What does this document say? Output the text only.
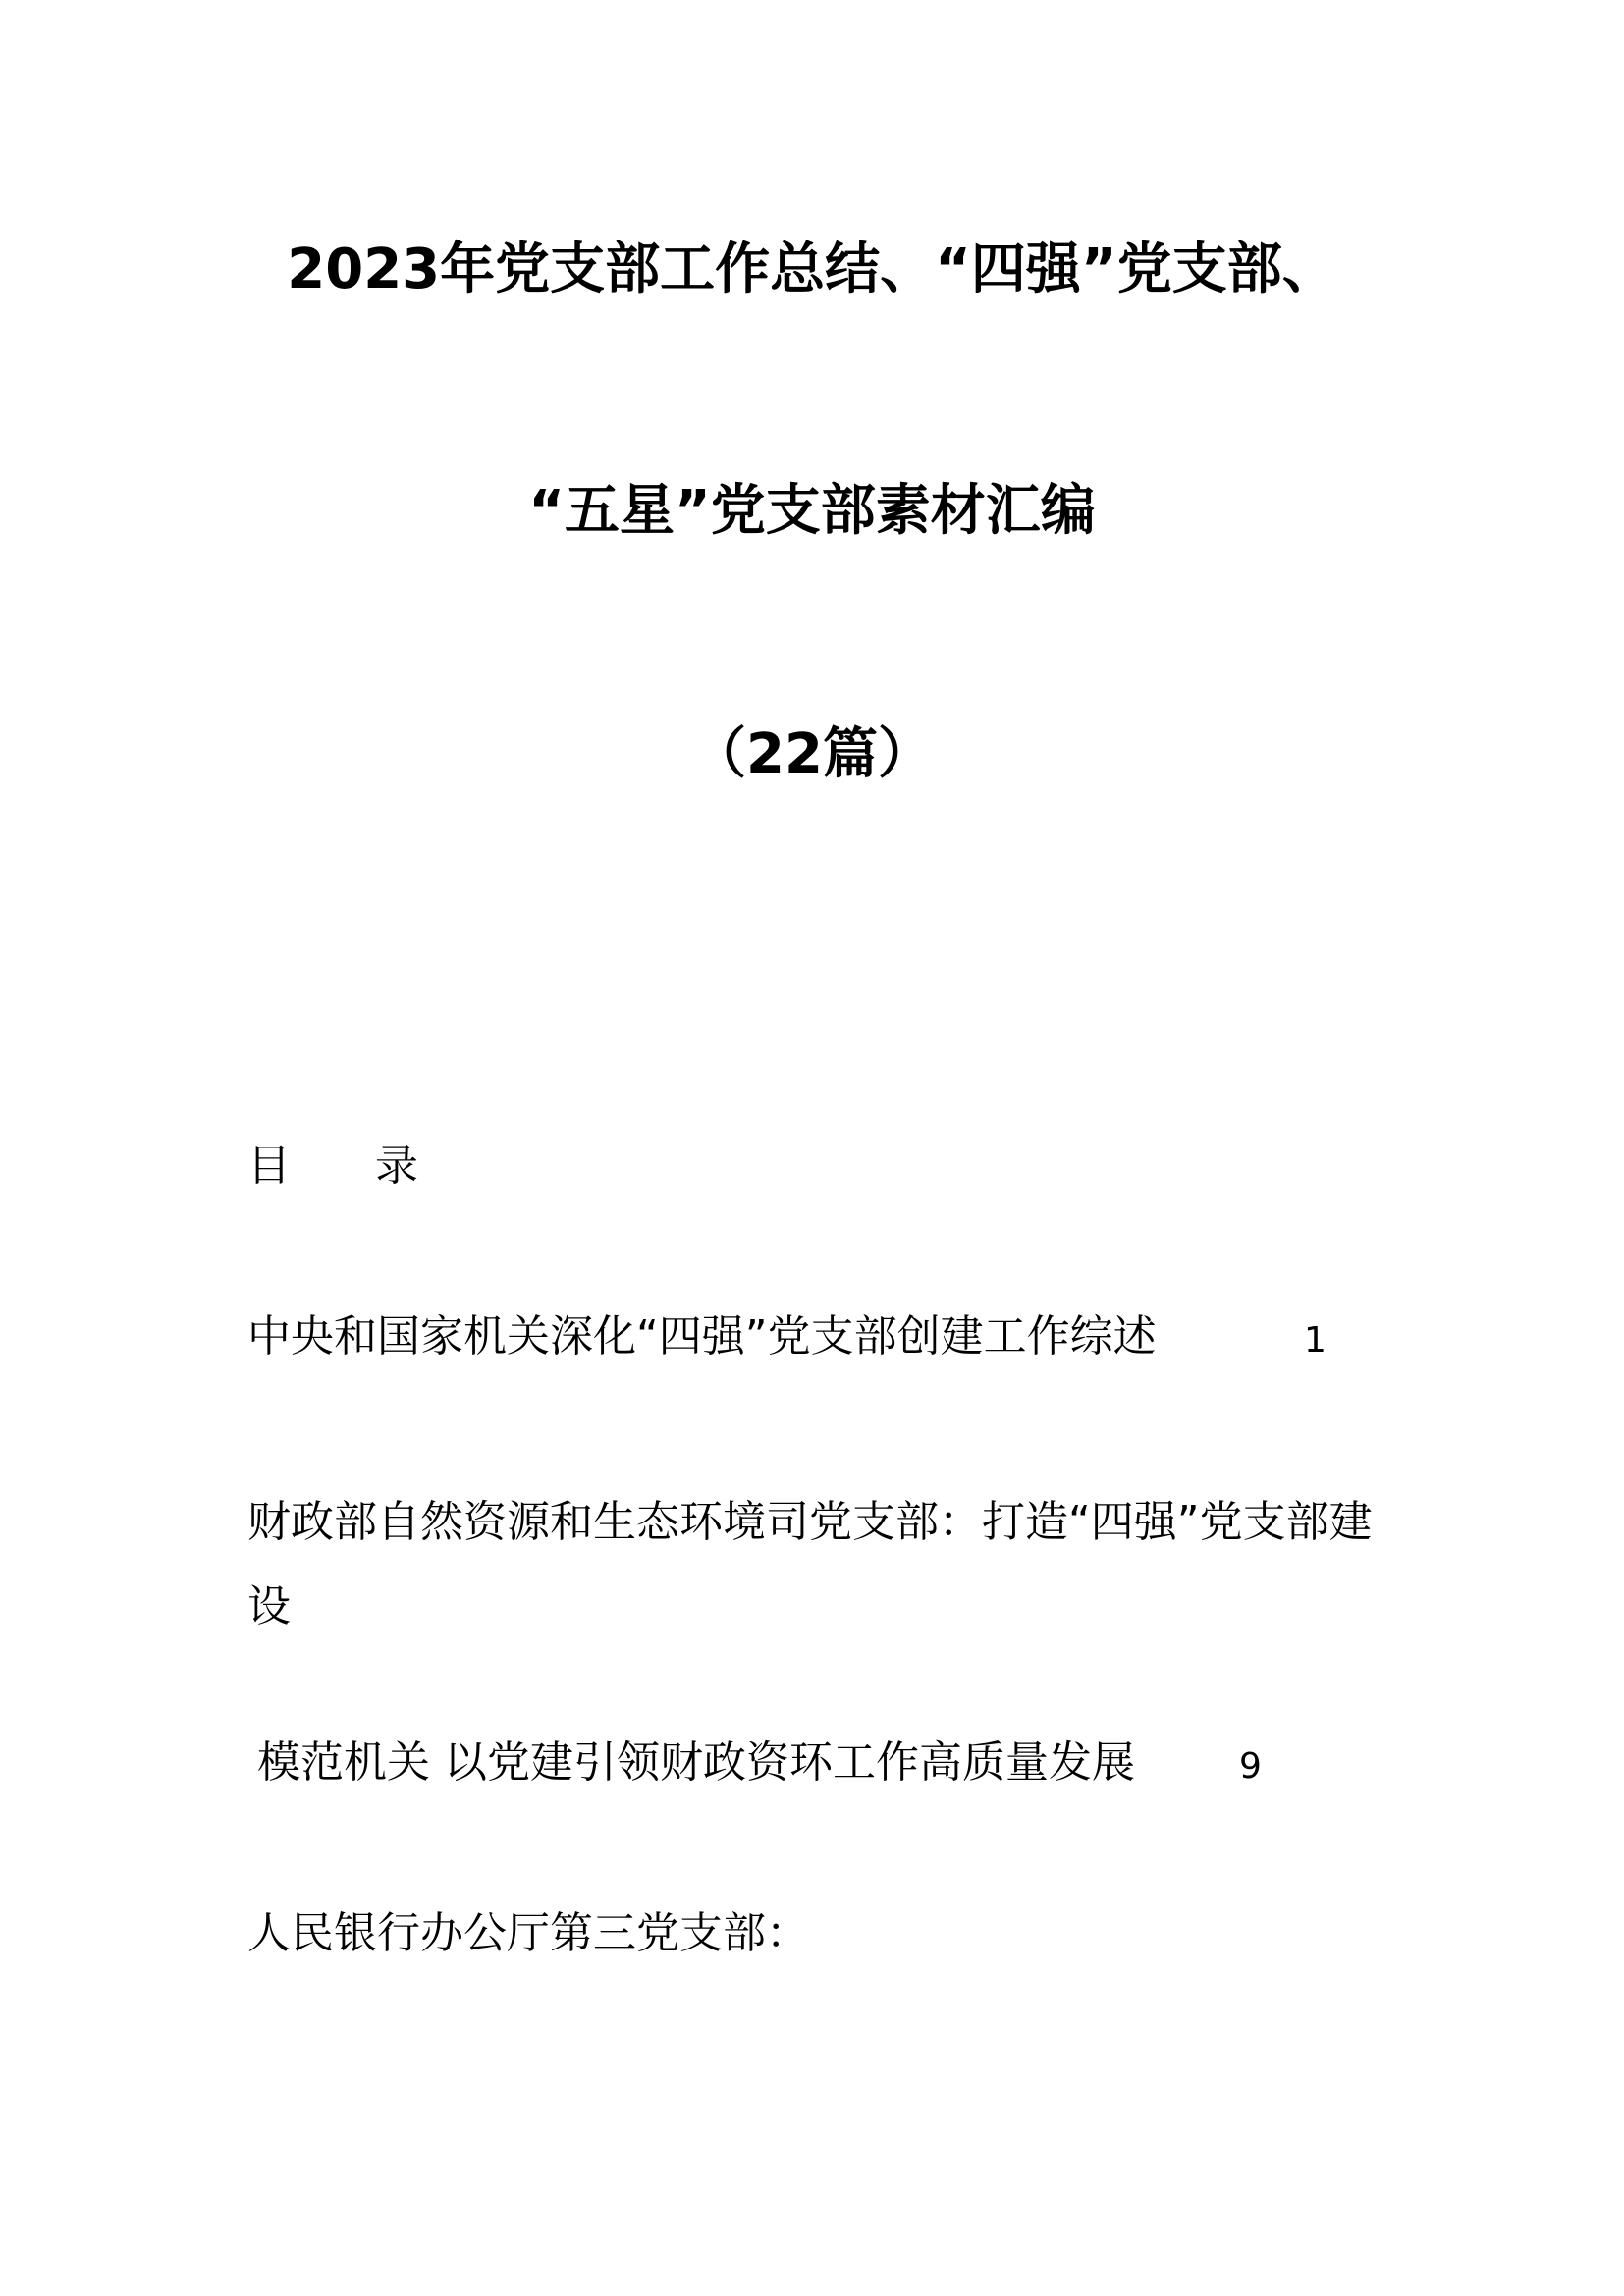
2023年党支部工作总结、“四强”党支部、
“五星”党支部素材汇编
（22篇）
目 录
中央和国家机关深化“四强”党支部创建工作综述	1
财政部自然资源和生态环境司党支部：打造“四强”党支部建设
模范机关 以党建引领财政资环工作高质量发展	9
人民银行办公厅第三党支部：
